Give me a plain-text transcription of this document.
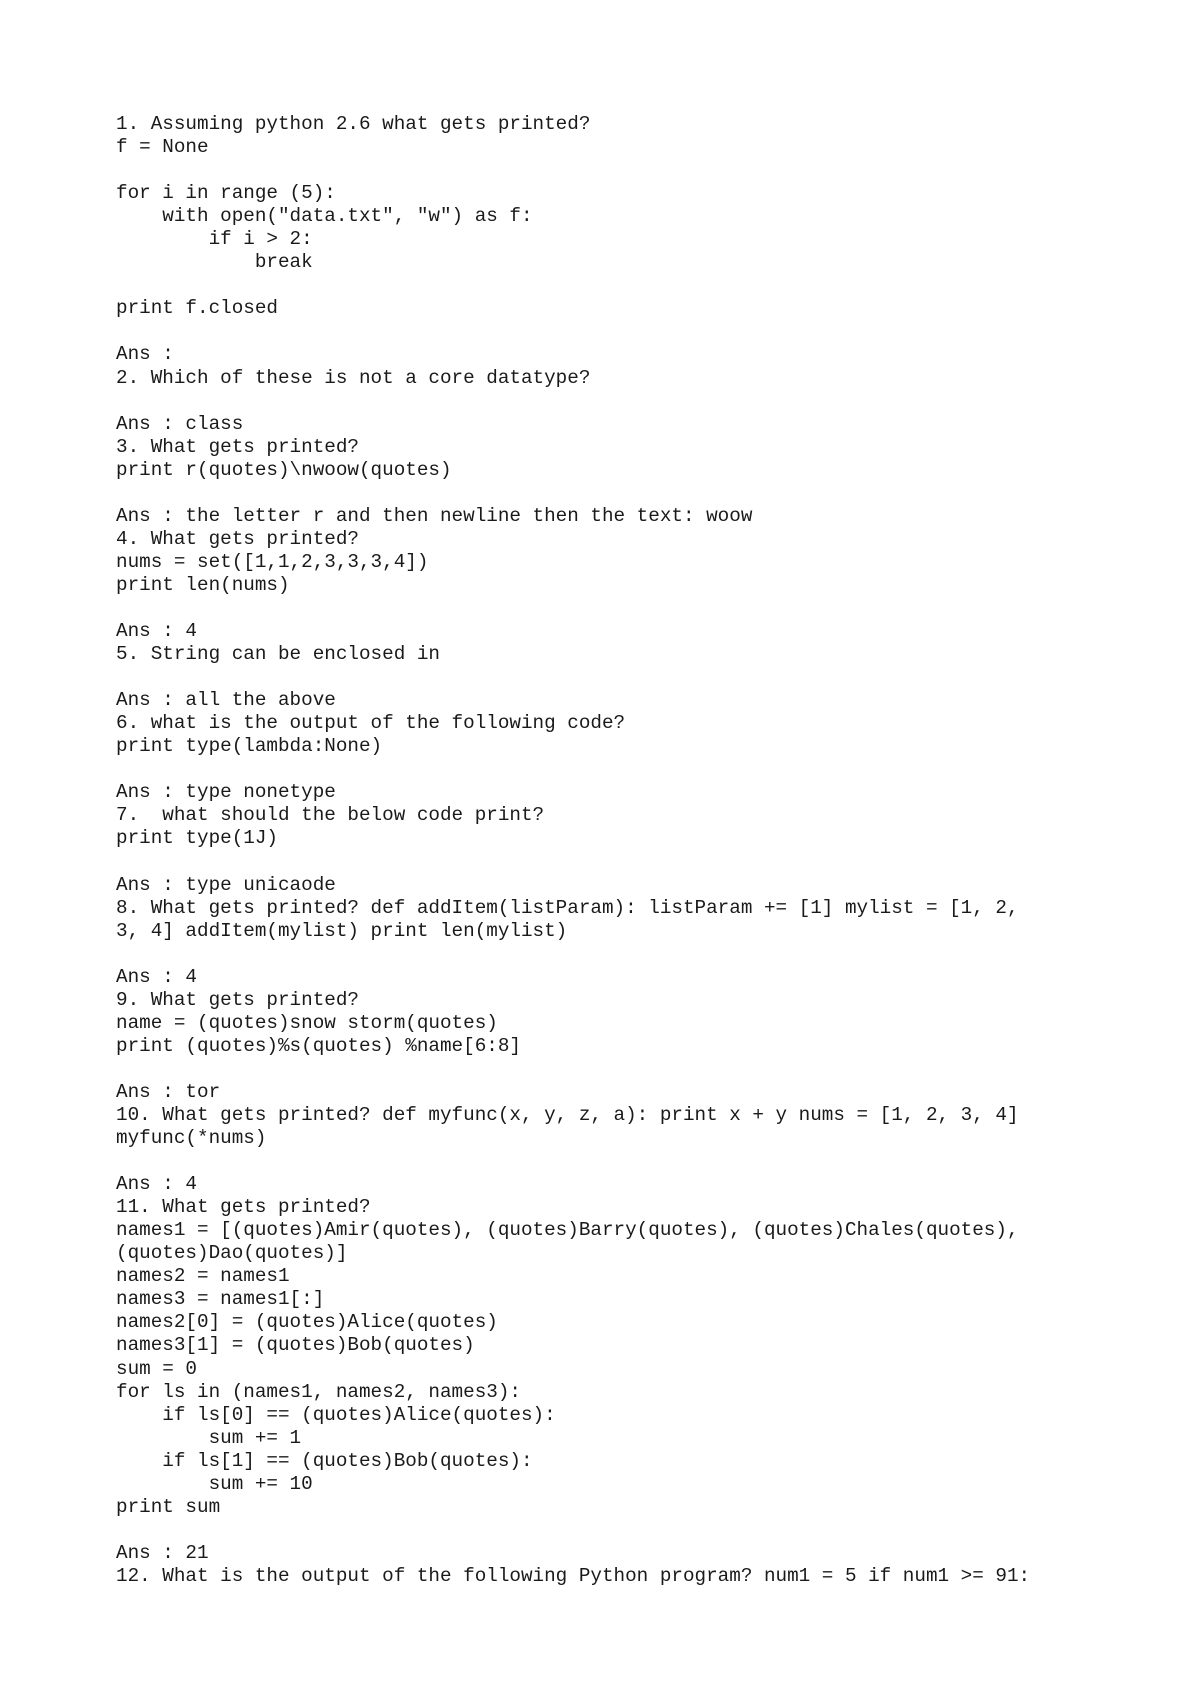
1. Assuming python 2.6 what gets printed?
f = None
for i in range (5):
with open("data.txt", "w") as f:
if i > 2:
break
print f.closed
Ans :
2. Which of these is not a core datatype?
Ans : class
3. What gets printed?
print r(quotes)\nwoow(quotes)
Ans : the letter r and then newline then the text: woow
4. What gets printed?
nums = set([1,1,2,3,3,3,4])
print len(nums)
Ans : 4
5. String can be enclosed in
Ans : all the above
6. what is the output of the following code?
print type(lambda:None)
Ans : type nonetype
7.  what should the below code print?
print type(1J)
Ans : type unicaode
8. What gets printed? def addItem(listParam): listParam += [1] mylist = [1, 2,
3, 4] addItem(mylist) print len(mylist)
Ans : 4
9. What gets printed?
name = (quotes)snow storm(quotes)
print (quotes)%s(quotes) %name[6:8]
Ans : tor
10. What gets printed? def myfunc(x, y, z, a): print x + y nums = [1, 2, 3, 4]
myfunc(*nums)
Ans : 4
11. What gets printed?
names1 = [(quotes)Amir(quotes), (quotes)Barry(quotes), (quotes)Chales(quotes),
(quotes)Dao(quotes)]
names2 = names1
names3 = names1[:]
names2[0] = (quotes)Alice(quotes)
names3[1] = (quotes)Bob(quotes)
sum = 0
for ls in (names1, names2, names3):
if ls[0] == (quotes)Alice(quotes):
sum += 1
if ls[1] == (quotes)Bob(quotes):
sum += 10
print sum
Ans : 21
12. What is the output of the following Python program? num1 = 5 if num1 >= 91:
